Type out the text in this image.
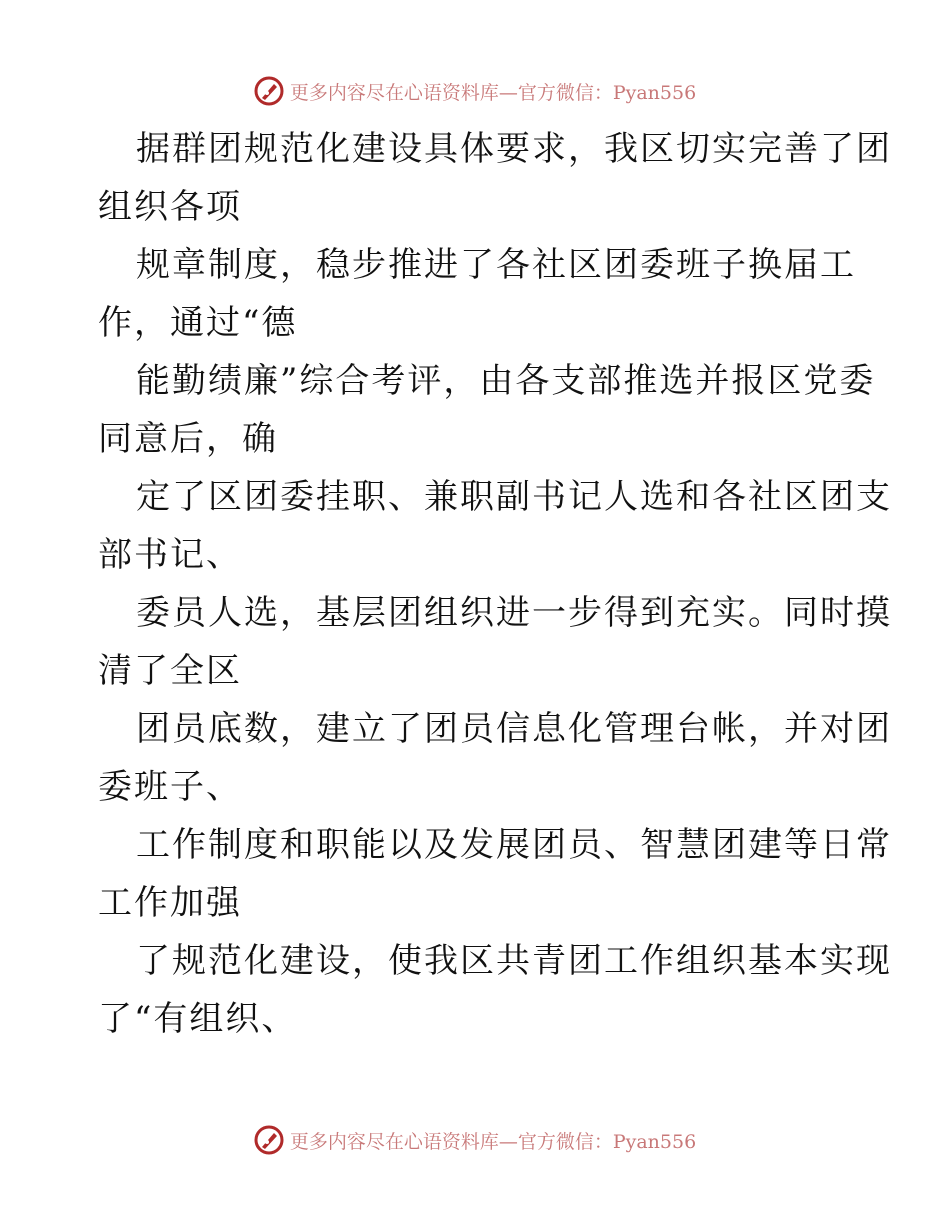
更多内容尽在心语资料库—官方微信：Pyan556
据群团规范化建设具体要求，我区切实完善了团
组织各项
规章制度，稳步推进了各社区团委班子换届工
作，通过“德
能勤绩廉”综合考评，由各支部推选并报区党委
同意后，确
定了区团委挂职、兼职副书记人选和各社区团支
部书记、
委员人选，基层团组织进一步得到充实。同时摸
清了全区
团员底数，建立了团员信息化管理台帐，并对团
委班子、
工作制度和职能以及发展团员、智慧团建等日常
工作加强
了规范化建设，使我区共青团工作组织基本实现
了“有组织、
更多内容尽在心语资料库—官方微信：Pyan556
